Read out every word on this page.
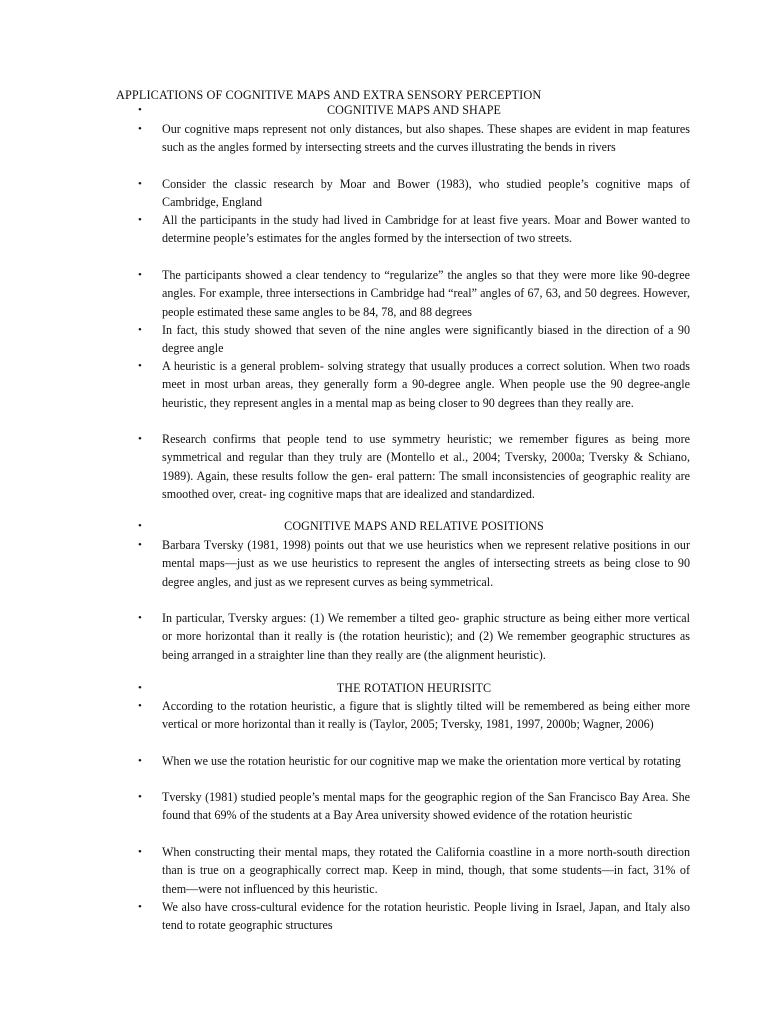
APPLICATIONS OF COGNITIVE MAPS AND EXTRA SENSORY PERCEPTION
•	COGNITIVE MAPS AND SHAPE
•	Our cognitive maps represent not only distances, but also shapes. These shapes are evident in map features such as the angles formed by intersecting streets and the curves illustrating the bends in rivers
•	Consider the classic research by Moar and Bower (1983), who studied people’s cognitive maps of Cambridge, England
•	All the participants in the study had lived in Cambridge for at least five years. Moar and Bower wanted to determine people’s estimates for the angles formed by the intersection of two streets.
•	The participants showed a clear tendency to “regularize” the angles so that they were more like 90-degree angles. For example, three intersections in Cambridge had “real” angles of 67, 63, and 50 degrees. However, people estimated these same angles to be 84, 78, and 88 degrees
•	In fact, this study showed that seven of the nine angles were significantly biased in the direction of a 90 degree angle
•	A heuristic is a general problem- solving strategy that usually produces a correct solution. When two roads meet in most urban areas, they generally form a 90-degree angle. When people use the 90 degree-angle heuristic, they represent angles in a mental map as being closer to 90 degrees than they really are.
•	Research confirms that people tend to use symmetry heuristic; we remember figures as being more symmetrical and regular than they truly are (Montello et al., 2004; Tversky, 2000a; Tversky & Schiano, 1989). Again, these results follow the gen- eral pattern: The small inconsistencies of geographic reality are smoothed over, creat- ing cognitive maps that are idealized and standardized.
•	COGNITIVE MAPS AND RELATIVE POSITIONS
•	Barbara Tversky (1981, 1998) points out that we use heuristics when we represent relative positions in our mental maps—just as we use heuristics to represent the angles of intersecting streets as being close to 90 degree angles, and just as we represent curves as being symmetrical.
•	In particular, Tversky argues: (1) We remember a tilted geo- graphic structure as being either more vertical or more horizontal than it really is (the rotation heuristic); and (2) We remember geographic structures as being arranged in a straighter line than they really are (the alignment heuristic).
•	THE ROTATION HEURISITC
•	According to the rotation heuristic, a figure that is slightly tilted will be remembered as being either more vertical or more horizontal than it really is (Taylor, 2005; Tversky, 1981, 1997, 2000b; Wagner, 2006)
•	When we use the rotation heuristic for our cognitive map we make the orientation more vertical by rotating
•	Tversky (1981) studied people’s mental maps for the geographic region of the San Francisco Bay Area. She found that 69% of the students at a Bay Area university showed evidence of the rotation heuristic
•	When constructing their mental maps, they rotated the California coastline in a more north-south direction than is true on a geographically correct map. Keep in mind, though, that some students—in fact, 31% of them—were not influenced by this heuristic.
•	We also have cross-cultural evidence for the rotation heuristic. People living in Israel, Japan, and Italy also tend to rotate geographic structures
